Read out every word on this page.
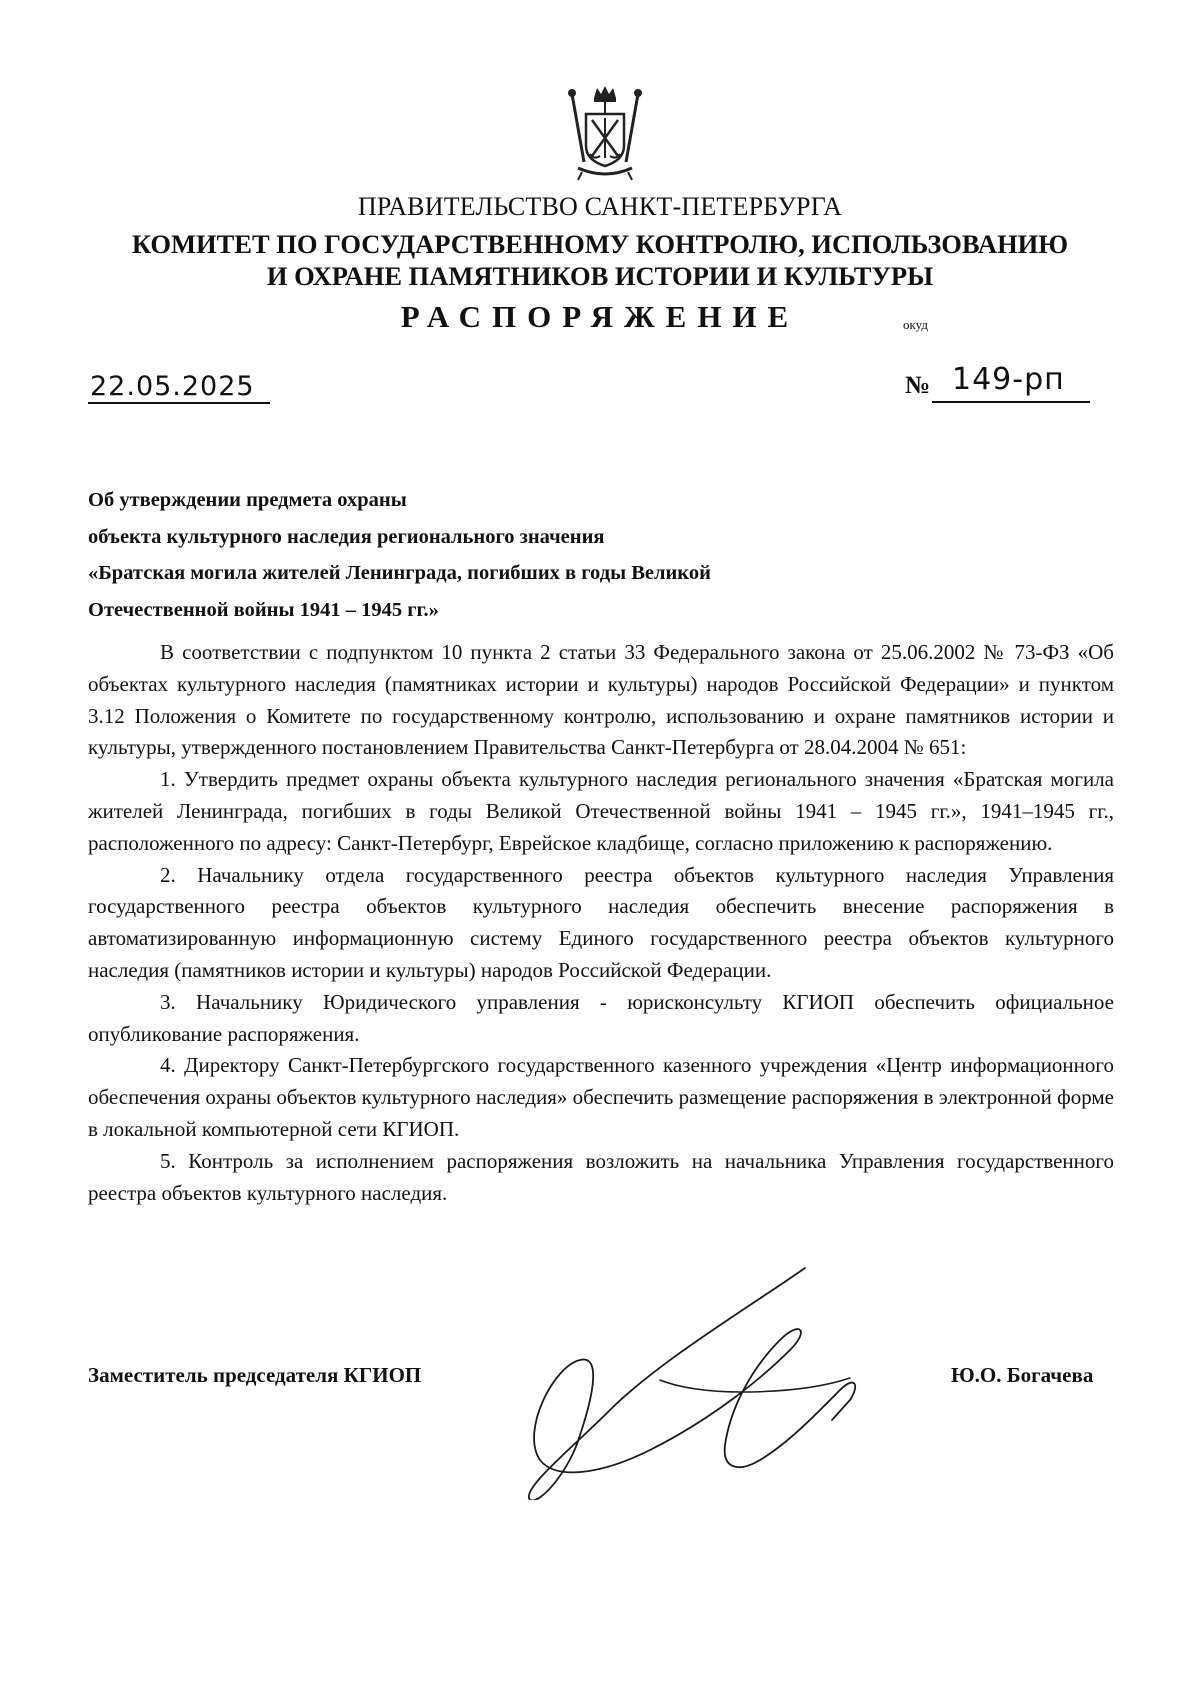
ПРАВИТЕЛЬСТВО САНКТ-ПЕТЕРБУРГА
КОМИТЕТ ПО ГОСУДАРСТВЕННОМУ КОНТРОЛЮ, ИСПОЛЬЗОВАНИЮ
И ОХРАНЕ ПАМЯТНИКОВ ИСТОРИИ И КУЛЬТУРЫ
РАСПОРЯЖЕНИЕ	окуд
22.05.2025	№ 149-рп
Об утверждении предмета охраны
объекта культурного наследия регионального значения
«Братская могила жителей Ленинграда, погибших в годы Великой
Отечественной войны 1941 – 1945 гг.»

В соответствии с подпунктом 10 пункта 2 статьи 33 Федерального закона от 25.06.2002 № 73-ФЗ «Об объектах культурного наследия (памятниках истории и культуры) народов Российской Федерации» и пунктом 3.12 Положения о Комитете по государственному контролю, использованию и охране памятников истории и культуры, утвержденного постановлением Правительства Санкт-Петербурга от 28.04.2004 № 651:

1. Утвердить предмет охраны объекта культурного наследия регионального значения «Братская могила жителей Ленинграда, погибших в годы Великой Отечественной войны 1941 – 1945 гг.», 1941–1945 гг., расположенного по адресу: Санкт-Петербург, Еврейское кладбище, согласно приложению к распоряжению.

2. Начальнику отдела государственного реестра объектов культурного наследия Управления государственного реестра объектов культурного наследия обеспечить внесение распоряжения в автоматизированную информационную систему Единого государственного реестра объектов культурного наследия (памятников истории и культуры) народов Российской Федерации.

3. Начальнику Юридического управления - юрисконсульту КГИОП обеспечить официальное опубликование распоряжения.

4. Директору Санкт-Петербургского государственного казенного учреждения «Центр информационного обеспечения охраны объектов культурного наследия» обеспечить размещение распоряжения в электронной форме в локальной компьютерной сети КГИОП.

5. Контроль за исполнением распоряжения возложить на начальника Управления государственного реестра объектов культурного наследия.

Заместитель председателя КГИОП	Ю.О. Богачева
